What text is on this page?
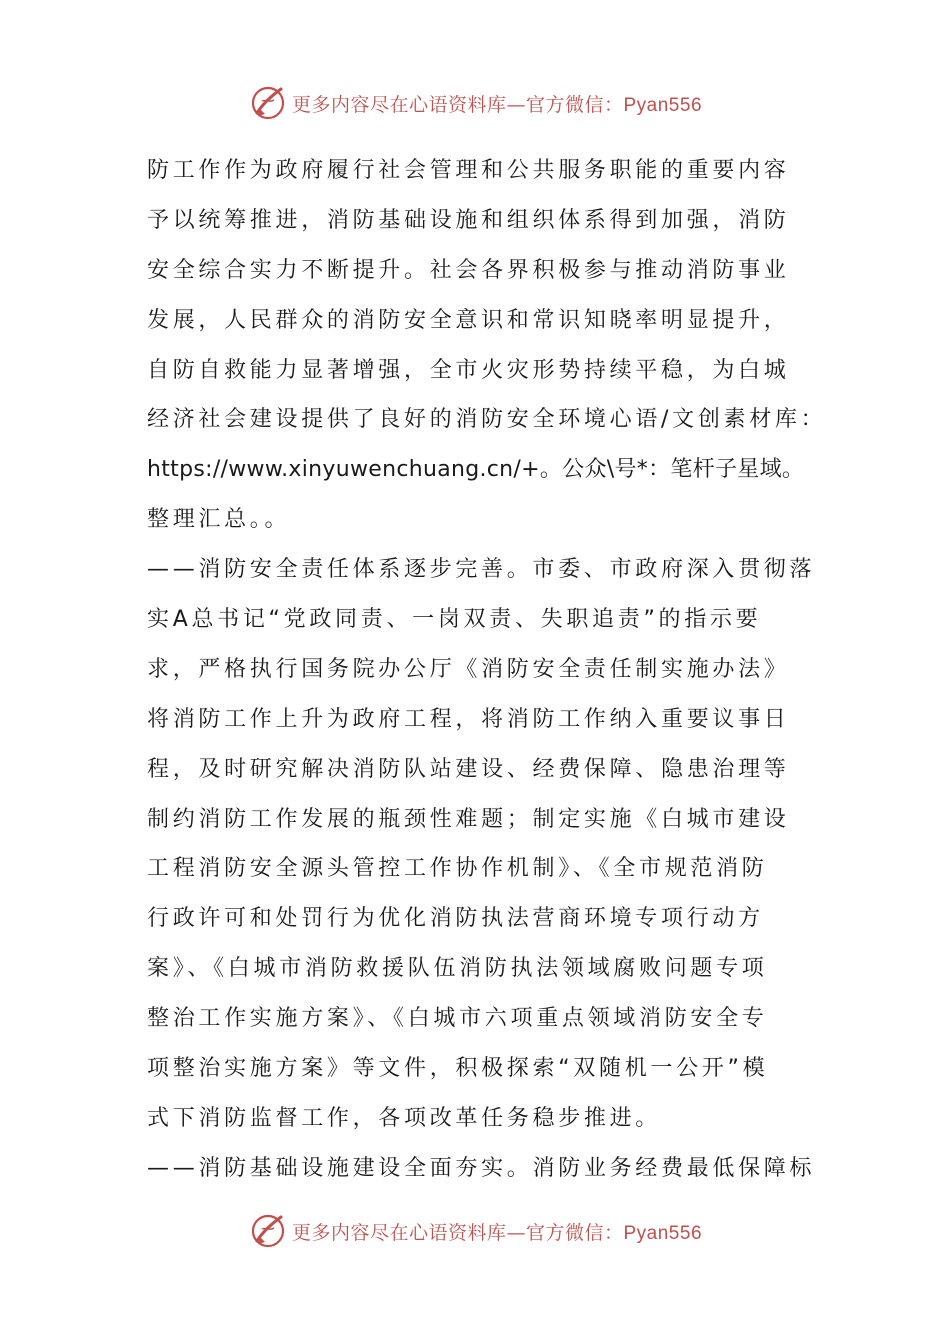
更多内容尽在心语资料库—官方微信：Pyan556
防工作作为政府履行社会管理和公共服务职能的重要内容
予以统筹推进，消防基础设施和组织体系得到加强，消防
安全综合实力不断提升。社会各界积极参与推动消防事业
发展，人民群众的消防安全意识和常识知晓率明显提升，
自防自救能力显著增强，全市火灾形势持续平稳，为白城
经济社会建设提供了良好的消防安全环境心语/文创素材库：
https://www.xinyuwenchuang.cn/+。公众\号*：笔杆子星域。
整理汇总。。
——消防安全责任体系逐步完善。市委、市政府深入贯彻落
实A总书记“党政同责、一岗双责、失职追责”的指示要
求，严格执行国务院办公厅《消防安全责任制实施办法》
将消防工作上升为政府工程，将消防工作纳入重要议事日
程，及时研究解决消防队站建设、经费保障、隐患治理等
制约消防工作发展的瓶颈性难题；制定实施《白城市建设
工程消防安全源头管控工作协作机制》、《全市规范消防
行政许可和处罚行为优化消防执法营商环境专项行动方
案》、《白城市消防救援队伍消防执法领域腐败问题专项
整治工作实施方案》、《白城市六项重点领域消防安全专
项整治实施方案》等文件，积极探索“双随机一公开”模
式下消防监督工作，各项改革任务稳步推进。
——消防基础设施建设全面夯实。消防业务经费最低保障标
更多内容尽在心语资料库—官方微信：Pyan556
